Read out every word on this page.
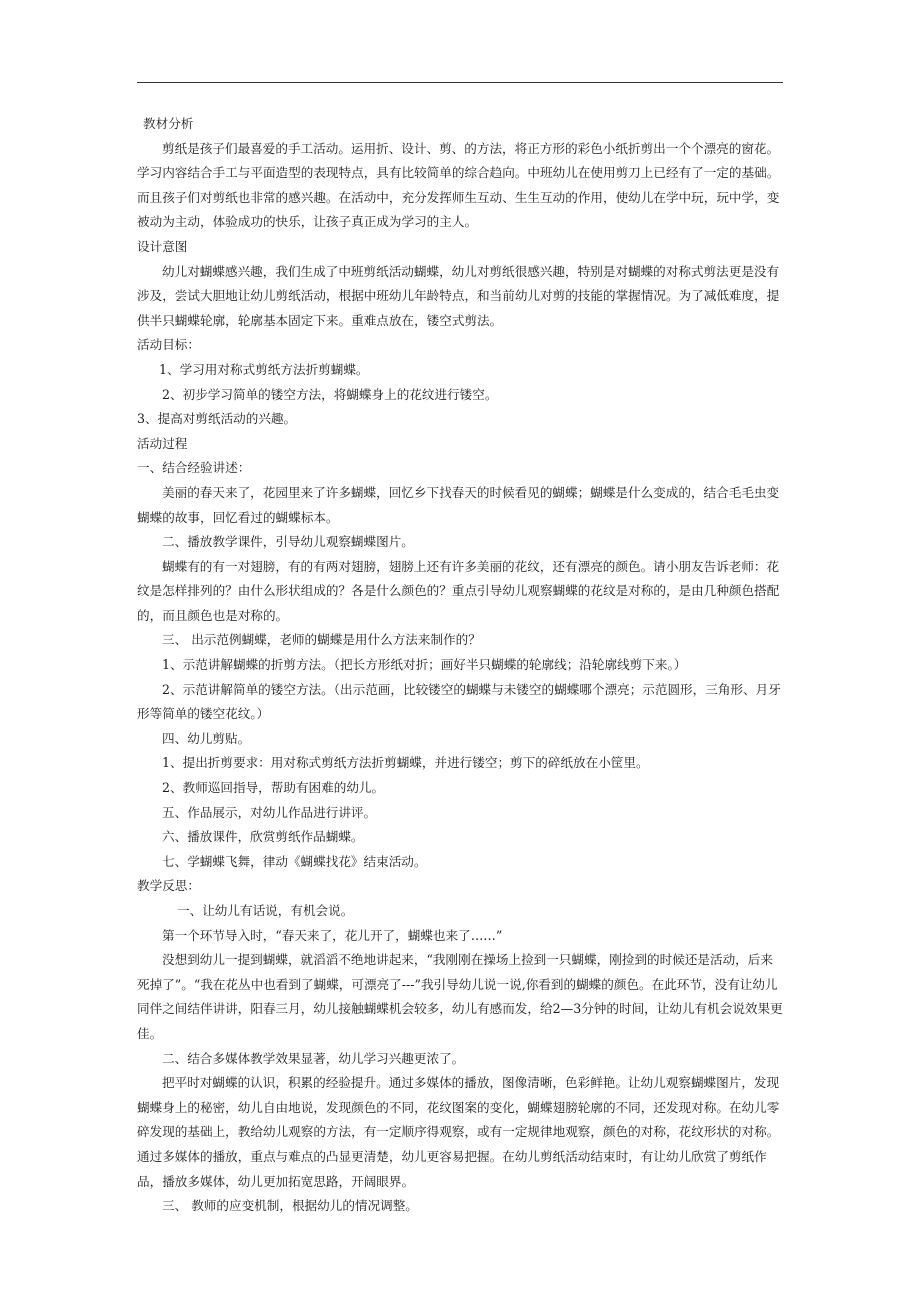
教材分析

剪纸是孩子们最喜爱的手工活动。运用折、设计、剪、的方法，将正方形的彩色小纸折剪出一个个漂亮的窗花。学习内容结合手工与平面造型的表现特点，具有比较简单的综合趋向。中班幼儿在使用剪刀上已经有了一定的基础。而且孩子们对剪纸也非常的感兴趣。在活动中，充分发挥师生互动、生生互动的作用，使幼儿在学中玩，玩中学，变被动为主动，体验成功的快乐，让孩子真正成为学习的主人。

设计意图

幼儿对蝴蝶感兴趣，我们生成了中班剪纸活动蝴蝶，幼儿对剪纸很感兴趣，特别是对蝴蝶的对称式剪法更是没有涉及，尝试大胆地让幼儿剪纸活动，根据中班幼儿年龄特点，和当前幼儿对剪的技能的掌握情况。为了减低难度，提供半只蝴蝶轮廓，轮廓基本固定下来。重难点放在，镂空式剪法。

活动目标：

1、学习用对称式剪纸方法折剪蝴蝶。

2、初步学习简单的镂空方法，将蝴蝶身上的花纹进行镂空。

3、提高对剪纸活动的兴趣。

活动过程

一、结合经验讲述：

美丽的春天来了，花园里来了许多蝴蝶，回忆乡下找春天的时候看见的蝴蝶；蝴蝶是什么变成的，结合毛毛虫变蝴蝶的故事，回忆看过的蝴蝶标本。

二、播放教学课件，引导幼儿观察蝴蝶图片。

蝴蝶有的有一对翅膀，有的有两对翅膀，翅膀上还有许多美丽的花纹，还有漂亮的颜色。请小朋友告诉老师：花纹是怎样排列的？由什么形状组成的？各是什么颜色的？重点引导幼儿观察蝴蝶的花纹是对称的，是由几种颜色搭配的，而且颜色也是对称的。

三、 出示范例蝴蝶，老师的蝴蝶是用什么方法来制作的？

1、示范讲解蝴蝶的折剪方法。（把长方形纸对折；画好半只蝴蝶的轮廓线；沿轮廓线剪下来。）

2、示范讲解简单的镂空方法。（出示范画，比较镂空的蝴蝶与未镂空的蝴蝶哪个漂亮；示范圆形，三角形、月牙形等简单的镂空花纹。）

四、幼儿剪贴。

1、提出折剪要求：用对称式剪纸方法折剪蝴蝶，并进行镂空；剪下的碎纸放在小筐里。

2、教师巡回指导，帮助有困难的幼儿。

五、作品展示，对幼儿作品进行讲评。

六、播放课件，欣赏剪纸作品蝴蝶。

七、学蝴蝶飞舞，律动《蝴蝶找花》结束活动。

教学反思：

一、让幼儿有话说，有机会说。

第一个环节导入时，“春天来了，花儿开了，蝴蝶也来了……”

没想到幼儿一提到蝴蝶，就滔滔不绝地讲起来，“我刚刚在操场上捡到一只蝴蝶，刚捡到的时候还是活动，后来死掉了”。“我在花丛中也看到了蝴蝶，可漂亮了---”我引导幼儿说一说,你看到的蝴蝶的颜色。在此环节，没有让幼儿同伴之间结伴讲讲，阳春三月，幼儿接触蝴蝶机会较多，幼儿有感而发，给2—3分钟的时间，让幼儿有机会说效果更佳。

二、结合多媒体教学效果显著，幼儿学习兴趣更浓了。

把平时对蝴蝶的认识，积累的经验提升。通过多媒体的播放，图像清晰，色彩鲜艳。让幼儿观察蝴蝶图片，发现蝴蝶身上的秘密，幼儿自由地说，发现颜色的不同，花纹图案的变化，蝴蝶翅膀轮廓的不同，还发现对称。在幼儿零碎发现的基础上，教给幼儿观察的方法，有一定顺序得观察，或有一定规律地观察，颜色的对称，花纹形状的对称。通过多媒体的播放，重点与难点的凸显更清楚，幼儿更容易把握。在幼儿剪纸活动结束时，有让幼儿欣赏了剪纸作品，播放多媒体，幼儿更加拓宽思路，开阔眼界。

三、 教师的应变机制，根据幼儿的情况调整。
